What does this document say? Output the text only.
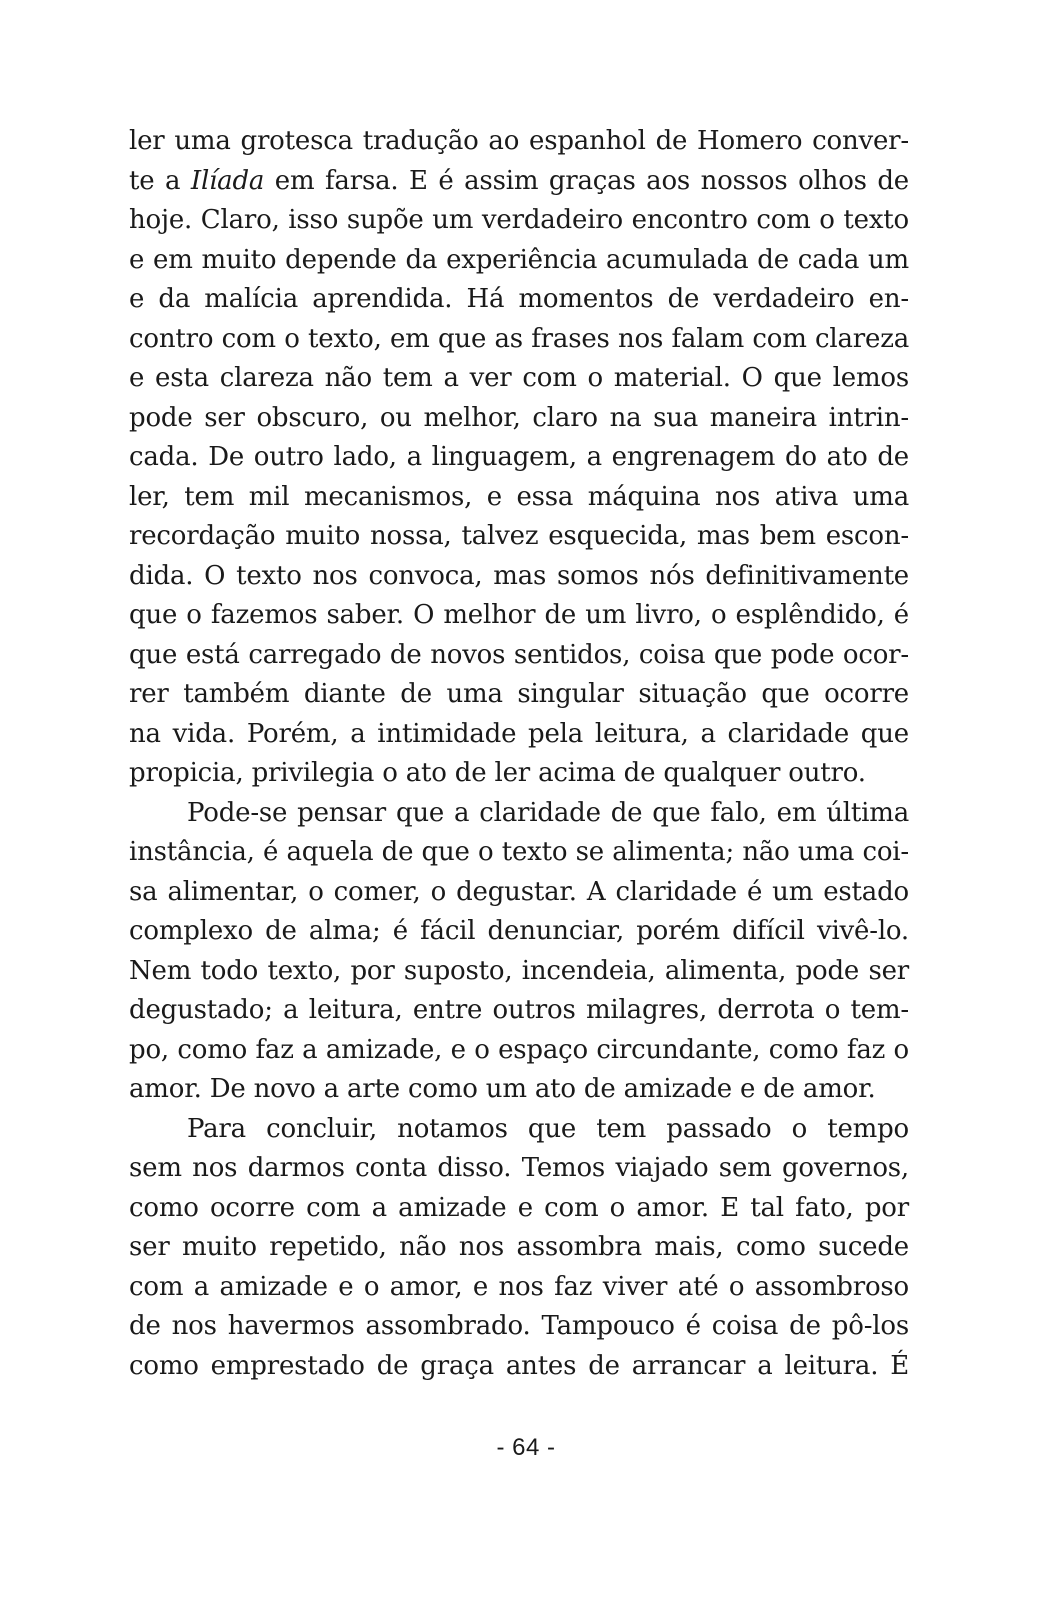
ler uma grotesca tradução ao espanhol de Homero conver-
te a Ilíada em farsa. E é assim graças aos nossos olhos de
hoje. Claro, isso supõe um verdadeiro encontro com o texto
e em muito depende da experiência acumulada de cada um
e da malícia aprendida. Há momentos de verdadeiro en-
contro com o texto, em que as frases nos falam com clareza
e esta clareza não tem a ver com o material. O que lemos
pode ser obscuro, ou melhor, claro na sua maneira intrin-
cada. De outro lado, a linguagem, a engrenagem do ato de
ler, tem mil mecanismos, e essa máquina nos ativa uma
recordação muito nossa, talvez esquecida, mas bem escon-
dida. O texto nos convoca, mas somos nós definitivamente
que o fazemos saber. O melhor de um livro, o esplêndido, é
que está carregado de novos sentidos, coisa que pode ocor-
rer também diante de uma singular situação que ocorre
na vida. Porém, a intimidade pela leitura, a claridade que
propicia, privilegia o ato de ler acima de qualquer outro.
Pode-se pensar que a claridade de que falo, em última
instância, é aquela de que o texto se alimenta; não uma coi-
sa alimentar, o comer, o degustar. A claridade é um estado
complexo de alma; é fácil denunciar, porém difícil vivê-lo.
Nem todo texto, por suposto, incendeia, alimenta, pode ser
degustado; a leitura, entre outros milagres, derrota o tem-
po, como faz a amizade, e o espaço circundante, como faz o
amor. De novo a arte como um ato de amizade e de amor.
Para concluir, notamos que tem passado o tempo
sem nos darmos conta disso. Temos viajado sem governos,
como ocorre com a amizade e com o amor. E tal fato, por
ser muito repetido, não nos assombra mais, como sucede
com a amizade e o amor, e nos faz viver até o assombroso
de nos havermos assombrado. Tampouco é coisa de pô-los
como emprestado de graça antes de arrancar a leitura. É
- 64 -
